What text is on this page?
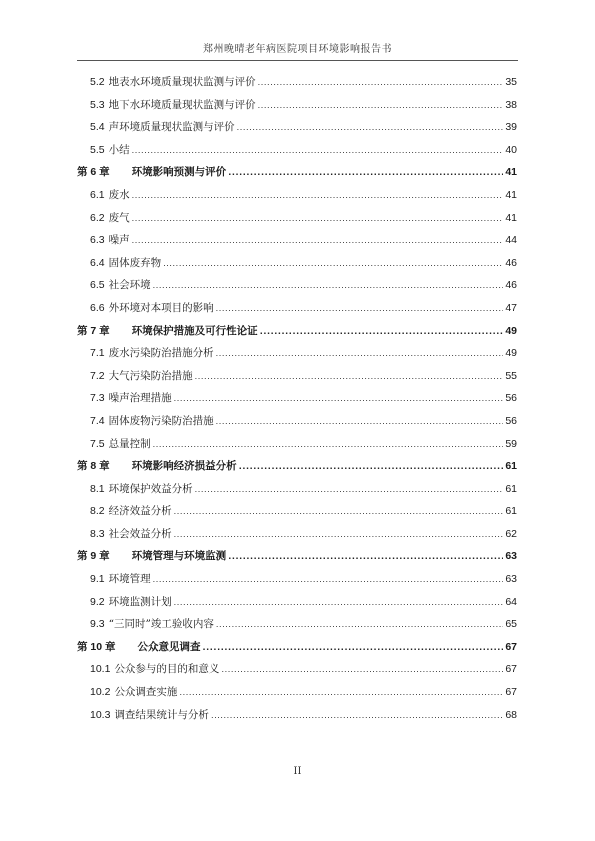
郑州晚晴老年病医院项目环境影响报告书
5.2 地表水环境质量现状监测与评价 .....	35
5.3 地下水环境质量现状监测与评价 .....	38
5.4 声环境质量现状监测与评价 .....	39
5.5 小结 .....	40
第 6 章 环境影响预测与评价 .....	41
6.1 废水 .....	41
6.2 废气 .....	41
6.3 噪声 .....	44
6.4 固体废弃物 .....	46
6.5 社会环境 .....	46
6.6 外环境对本项目的影响 .....	47
第 7 章 环境保护措施及可行性论证 .....	49
7.1 废水污染防治措施分析 .....	49
7.2 大气污染防治措施 .....	55
7.3 噪声治理措施 .....	56
7.4 固体废物污染防治措施 .....	56
7.5 总量控制 .....	59
第 8 章 环境影响经济损益分析 .....	61
8.1 环境保护效益分析 .....	61
8.2 经济效益分析 .....	61
8.3 社会效益分析 .....	62
第 9 章 环境管理与环境监测 .....	63
9.1 环境管理 .....	63
9.2 环境监测计划 .....	64
9.3 “三同时”竣工验收内容 .....	65
第 10 章 公众意见调查 .....	67
10.1 公众参与的目的和意义 .....	67
10.2 公众调查实施 .....	67
10.3 调查结果统计与分析 .....	68
II
